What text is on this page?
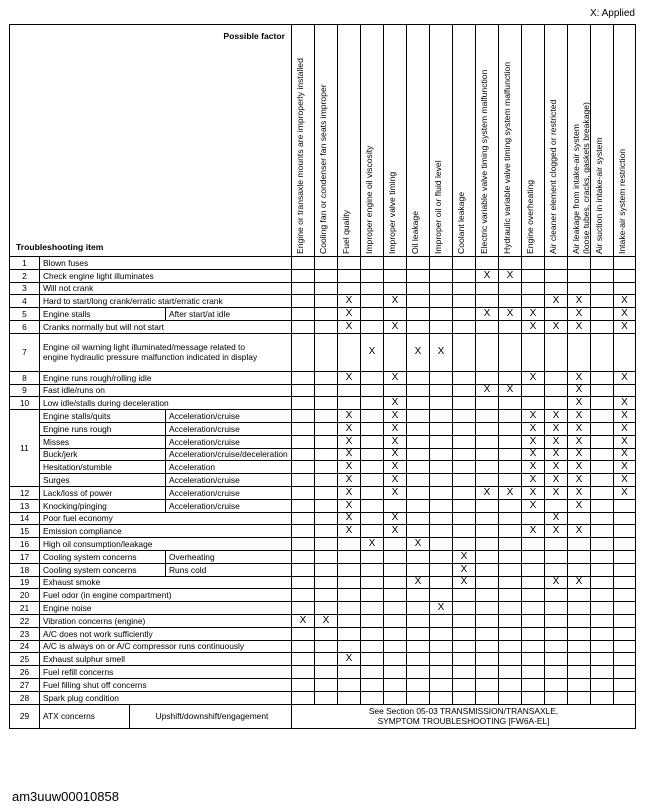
X: Applied
Possible factor
Troubleshooting item				Engine or transaxle mounts are improperly installed	Cooling fan or condenser fan seats improper	Fuel quality	Improper engine oil viscosity	Improper valve timing	Oil leakage	Improper oil or fluid level	Coolant leakage	Electric variable valve timing system malfunction	Hydraulic variable valve timing system malfunction	Engine overheating	Air cleaner element clogged or restricted	Air leakage from intake-air system (loose tubes, cracks, gaskets breakage)	Air suction in intake-air system	Intake-air system restriction

1	Blown fuses																	
2	Check engine light illuminates											X	X					
3	Will not crank																	
4	Hard to start/long crank/erratic start/erratic crank					X		X							X	X		X
5	Engine stalls		After start/at idle			X						X	X	X		X		X
6	Cranks normally but will not start					X		X						X	X	X		X
7	Engine oil warning light illuminated/message related to
engine hydraulic pressure malfunction indicated in display						X		X	X								
8	Engine runs rough/rolling idle					X		X						X		X		X
9	Fast idle/runs on											X	X			X		
10	Low idle/stalls during deceleration							X								X		X
11	Engine stalls/quits		Acceleration/cruise			X		X						X	X	X		X
	Engine runs rough		Acceleration/cruise			X		X						X	X	X		X
	Misses		Acceleration/cruise			X		X						X	X	X		X
	Buck/jerk		Acceleration/cruise/deceleration			X		X						X	X	X		X
	Hesitation/stumble		Acceleration			X		X						X	X	X		X
	Surges		Acceleration/cruise			X		X						X	X	X		X
12	Lack/loss of power		Acceleration/cruise			X		X				X	X	X	X	X		X
13	Knocking/pinging		Acceleration/cruise			X								X		X		
14	Poor fuel economy					X		X							X			
15	Emission compliance					X		X						X	X	X		
16	High oil consumption/leakage						X		X									
17	Cooling system concerns		Overheating								X							
18	Cooling system concerns		Runs cold								X							
19	Exhaust smoke								X		X				X	X		
20	Fuel odor (in engine compartment)																	
21	Engine noise									X								
22	Vibration concerns (engine)			X	X													
23	A/C does not work sufficiently																	
24	A/C is always on or A/C compressor runs continuously																	
25	Exhaust sulphur smell					X												
26	Fuel refill concerns																	
27	Fuel filling shut off concerns																	
28	Spark plug condition																	
29	ATX concerns	Upshift/downshift/engagement		See Section 05-03 TRANSMISSION/TRANSAXLE,
SYMPTOM TROUBLESHOOTING [FW6A-EL]														
am3uuw00010858
